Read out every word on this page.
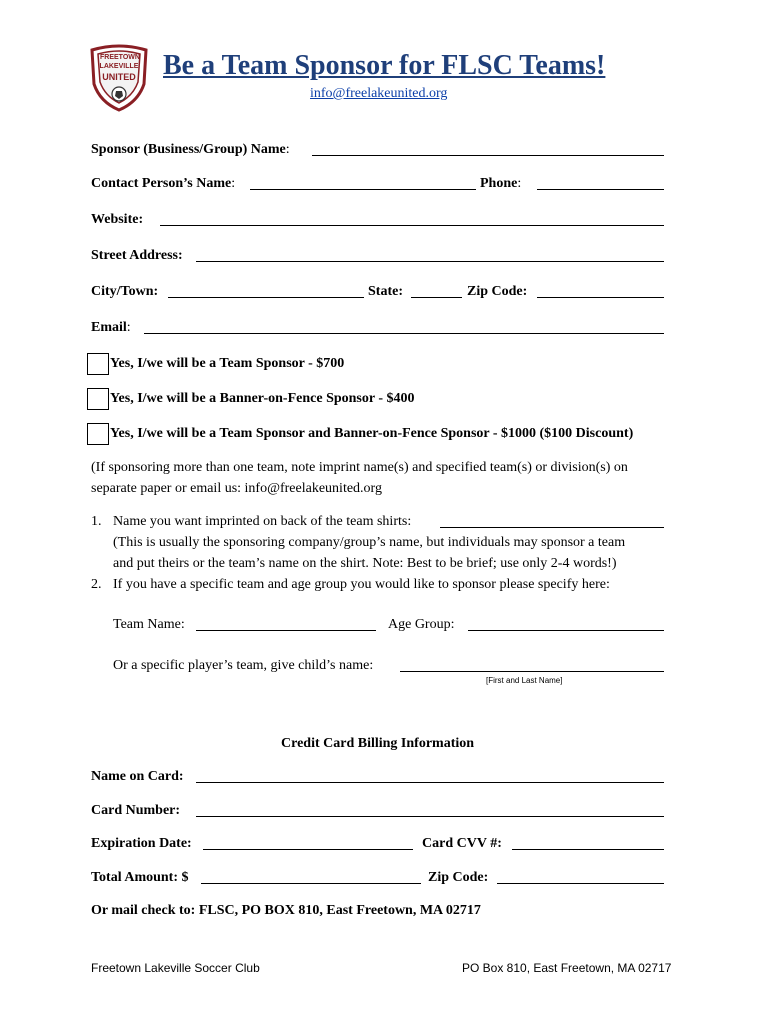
FREETOWN
LAKEVILLE
UNITED Be a Team Sponsor for FLSC Teams!
info@freelakeunited.org
Sponsor (Business/Group) Name:
Contact Person’s Name:	Phone:
Website:
Street Address:
City/Town:	State:	Zip Code:
Email:
Yes, I/we will be a Team Sponsor - $700
Yes, I/we will be a Banner-on-Fence Sponsor - $400
Yes, I/we will be a Team Sponsor and Banner-on-Fence Sponsor - $1000 ($100 Discount)
(If sponsoring more than one team, note imprint name(s) and specified team(s) or division(s) on
separate paper or email us: info@freelakeunited.org
1. Name you want imprinted on back of the team shirts:
(This is usually the sponsoring company/group’s name, but individuals may sponsor a team
and put theirs or the team’s name on the shirt. Note: Best to be brief; use only 2-4 words!)
2. If you have a specific team and age group you would like to sponsor please specify here:
Team Name:	Age Group:
Or a specific player’s team, give child’s name:
[First and Last Name]
Credit Card Billing Information
Name on Card:
Card Number:
Expiration Date:	Card CVV #:
Total Amount: $	Zip Code:
Or mail check to: FLSC, PO BOX 810, East Freetown, MA 02717
Freetown Lakeville Soccer Club	PO Box 810, East Freetown, MA 02717
